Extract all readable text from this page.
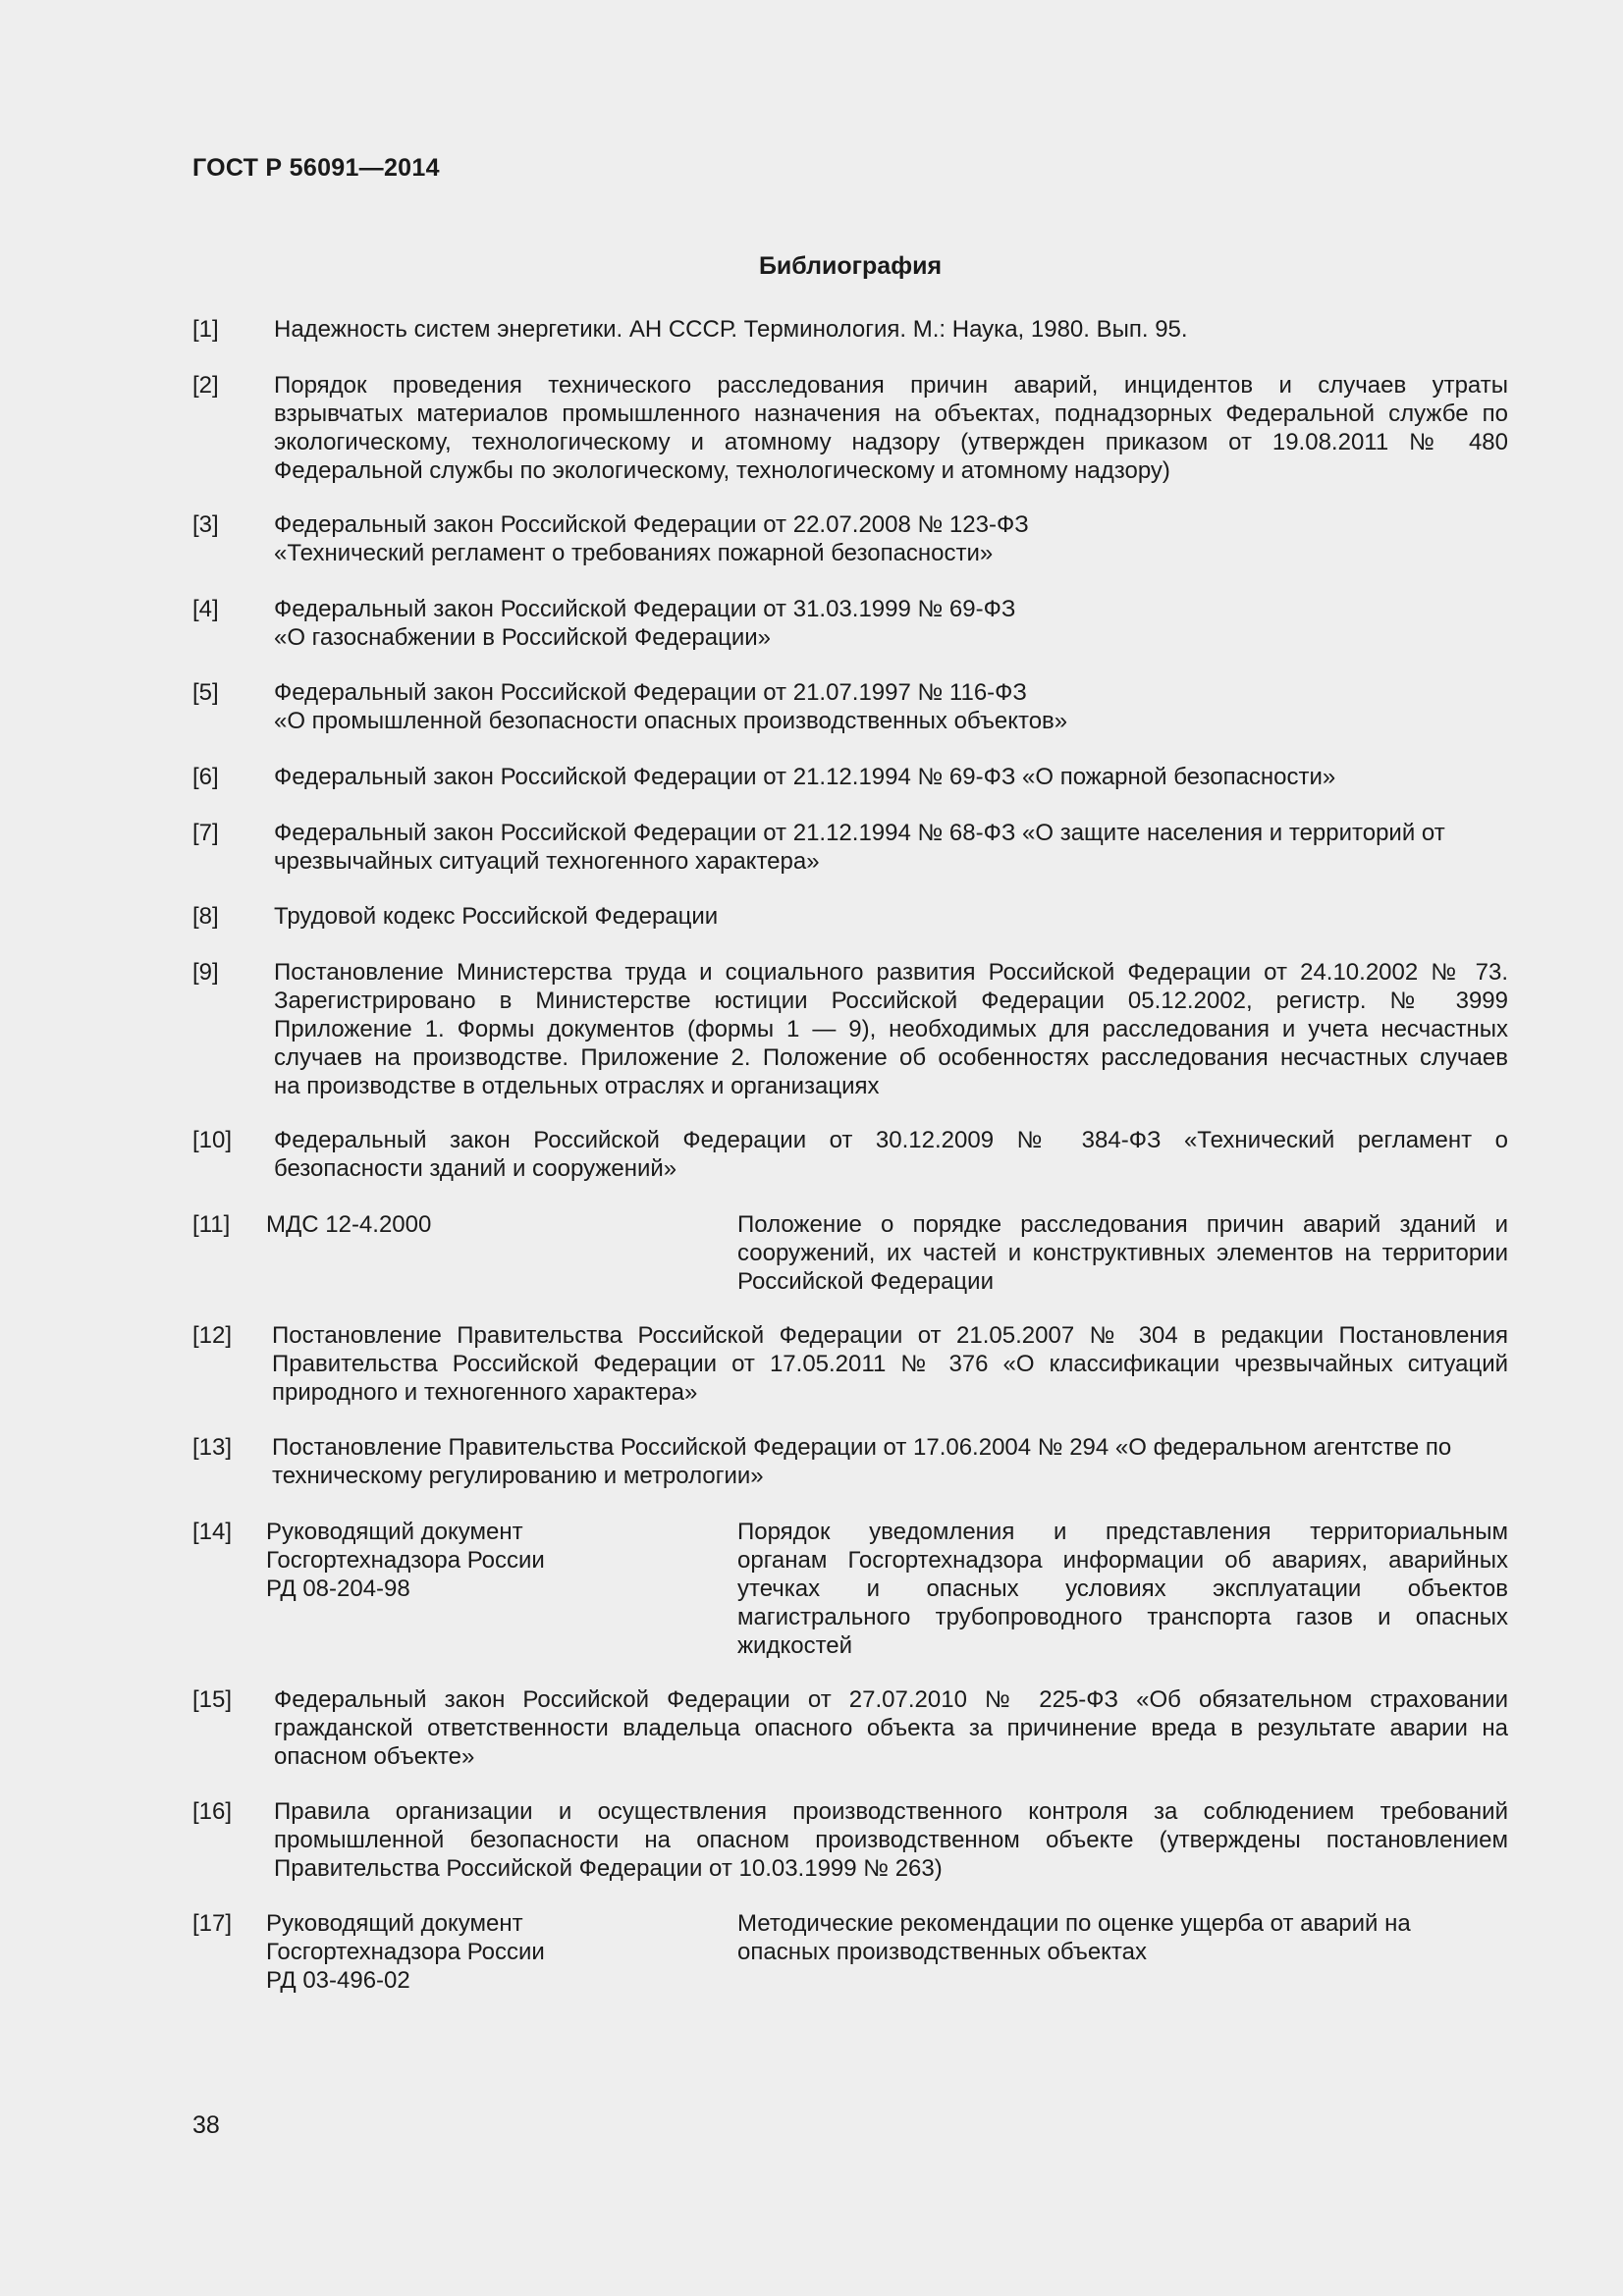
ГОСТ Р 56091—2014
Библиография
[1] Надежность систем энергетики. АН СССР. Терминология. М.: Наука, 1980. Вып. 95.
[2] Порядок проведения технического расследования причин аварий, инцидентов и случаев утраты
взрывчатых материалов промышленного назначения на объектах, поднадзорных Федеральной службе по
экологическому, технологическому и атомному надзору (утвержден приказом от 19.08.2011 № 480
Федеральной службы по экологическому, технологическому и атомному надзору)
[3] Федеральный закон Российской Федерации от 22.07.2008 № 123-ФЗ
«Технический регламент о требованиях пожарной безопасности»
[4] Федеральный закон Российской Федерации от 31.03.1999 № 69-ФЗ
«О газоснабжении в Российской Федерации»
[5] Федеральный закон Российской Федерации от 21.07.1997 № 116-ФЗ
«О промышленной безопасности опасных производственных объектов»
[6] Федеральный закон Российской Федерации от 21.12.1994 № 69-ФЗ «О пожарной безопасности»
[7] Федеральный закон Российской Федерации от 21.12.1994 № 68-ФЗ «О защите населения и территорий от
чрезвычайных ситуаций техногенного характера»
[8] Трудовой кодекс Российской Федерации
[9] Постановление Министерства труда и социального развития Российской Федерации от 24.10.2002 № 73.
Зарегистрировано в Министерстве юстиции Российской Федерации 05.12.2002, регистр. № 3999
Приложение 1. Формы документов (формы 1 — 9), необходимых для расследования и учета несчастных
случаев на производстве. Приложение 2. Положение об особенностях расследования несчастных случаев
на производстве в отдельных отраслях и организациях
[10] Федеральный закон Российской Федерации от 30.12.2009 № 384-ФЗ «Технический регламент о
безопасности зданий и сооружений»
[11] МДС 12-4.2000	Положение о порядке расследования причин аварий зданий и
сооружений, их частей и конструктивных элементов на территории
Российской Федерации
[12] Постановление Правительства Российской Федерации от 21.05.2007 № 304 в редакции Постановления
Правительства Российской Федерации от 17.05.2011 № 376 «О классификации чрезвычайных ситуаций
природного и техногенного характера»
[13] Постановление Правительства Российской Федерации от 17.06.2004 № 294 «О федеральном агентстве по
техническому регулированию и метрологии»
[14] Руководящий документ
Госгортехнадзора России
РД 08-204-98
Порядок уведомления и представления территориальным
органам Госгортехнадзора информации об авариях, аварийных
утечках и опасных условиях эксплуатации объектов
магистрального трубопроводного транспорта газов и опасных
жидкостей
[15] Федеральный закон Российской Федерации от 27.07.2010 № 225-ФЗ «Об обязательном страховании
гражданской ответственности владельца опасного объекта за причинение вреда в результате аварии на
опасном объекте»
[16] Правила организации и осуществления производственного контроля за соблюдением требований
промышленной безопасности на опасном производственном объекте (утверждены постановлением
Правительства Российской Федерации от 10.03.1999 № 263)
[17] Руководящий документ
Госгортехнадзора России
РД 03-496-02
Методические рекомендации по оценке ущерба от аварий на
опасных производственных объектах
38
